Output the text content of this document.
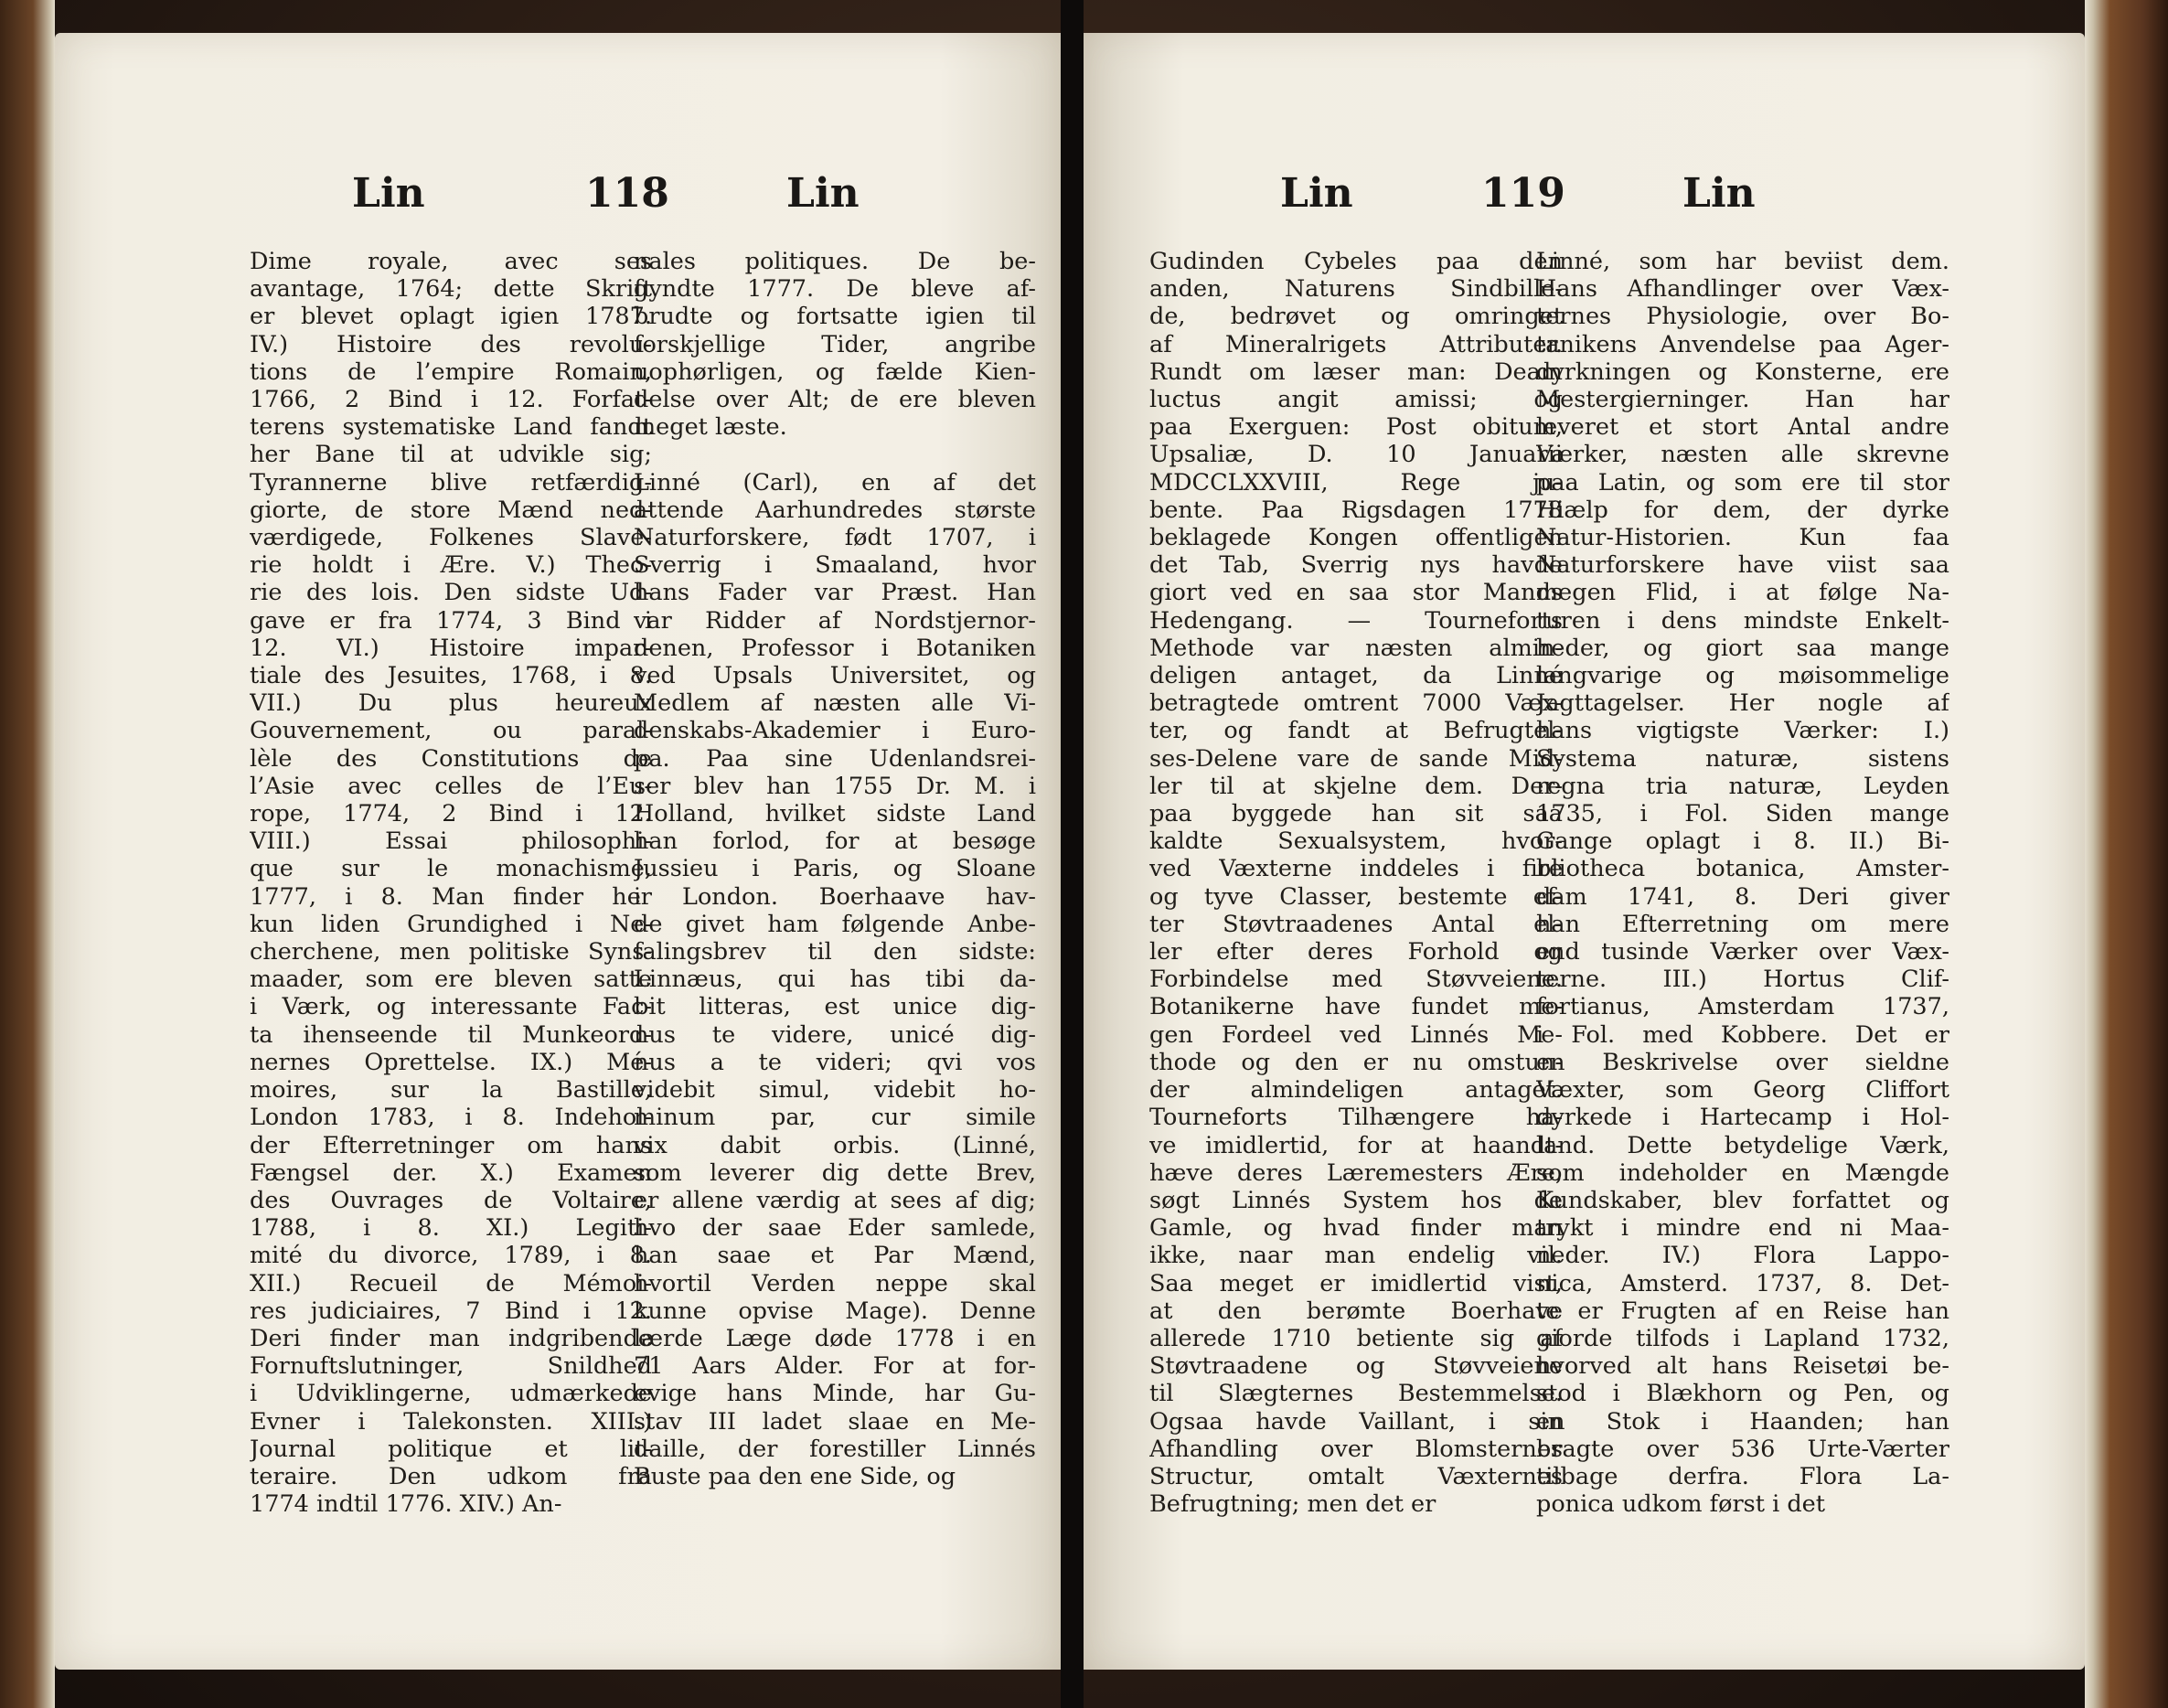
Lin	118	Lin
Dime royale, avec ses
avantage, 1764; dette Skrift
er blevet oplagt igien 1787.
IV.) Histoire des revolu-
tions de l’empire Romain,
1766, 2 Bind i 12. Forfat-
terens systematiske Land fandt
her Bane til at udvikle sig;
Tyrannerne blive retfærdig-
giorte, de store Mænd ned-
værdigede, Folkenes Slave-
rie holdt i Ære. V.) Theo-
rie des lois. Den sidste Ud-
gave er fra 1774, 3 Bind i
12. VI.) Histoire impar-
tiale des Jesuites, 1768, i 8.
VII.) Du plus heureux
Gouvernement, ou paral-
lèle des Constitutions de
l’Asie avec celles de l’Eu-
rope, 1774, 2 Bind i 12.
VIII.) Essai philosophi-
que sur le monachisme,
1777, i 8. Man finder her
kun liden Grundighed i Ne-
cherchene, men politiske Syns-
maader, som ere bleven satte
i Værk, og interessante Fac-
ta ihenseende til Munkeord-
nernes Oprettelse. IX.) Mé-
moires, sur la Bastille,
London 1783, i 8. Indehol-
der Efterretninger om hans
Fængsel der. X.) Examen
des Ouvrages de Voltaire,
1788, i 8. XI.) Legiti-
mité du divorce, 1789, i 8.
XII.) Recueil de Mémoi-
res judiciaires, 7 Bind i 12.
Deri finder man indgribende
Fornuftslutninger, Snildhed
i Udviklingerne, udmærkede
Evner i Talekonsten. XIII.)
Journal politique et lit-
teraire. Den udkom fra
1774 indtil 1776. XIV.) An-
nales politiques. De be-
gyndte 1777. De bleve af-
brudte og fortsatte igien til
forskjellige Tider, angribe
uophørligen, og fælde Kien-
delse over Alt; de ere bleven
meget læste.

Linné (Carl), en af det
attende Aarhundredes største
Naturforskere, født 1707, i
Sverrig i Smaaland, hvor
hans Fader var Præst. Han
var Ridder af Nordstjernor-
denen, Professor i Botaniken
ved Upsals Universitet, og
Medlem af næsten alle Vi-
denskabs-Akademier i Euro-
pa. Paa sine Udenlandsrei-
ser blev han 1755 Dr. M. i
Holland, hvilket sidste Land
han forlod, for at besøge
Jussieu i Paris, og Sloane
i London. Boerhaave hav-
de givet ham følgende Anbe-
falingsbrev til den sidste:
Linnæus, qui has tibi da-
bit litteras, est unice dig-
nus te videre, unicé dig-
nus a te videri; qvi vos
videbit simul, videbit ho-
minum par, cur simile
vix dabit orbis. (Linné,
som leverer dig dette Brev,
er allene værdig at sees af dig;
hvo der saae Eder samlede,
han saae et Par Mænd,
hvortil Verden neppe skal
kunne opvise Mage). Denne
lærde Læge døde 1778 i en
71 Aars Alder. For at for-
evige hans Minde, har Gu-
stav III ladet slaae en Me-
daille, der forestiller Linnés
Buste paa den ene Side, og
Lin	119	Lin
Gudinden Cybeles paa den
anden, Naturens Sindbille-
de, bedrøvet og omringet
af Mineralrigets Attributer.
Rundt om læser man: Deam
luctus angit amissi; og
paa Exerguen: Post obitum,
Upsaliæ, D. 10 Januarii
MDCCLXXVIII, Rege ju-
bente. Paa Rigsdagen 1778
beklagede Kongen offentligen
det Tab, Sverrig nys havde
giort ved en saa stor Mands
Hedengang. — Tourneforts
Methode var næsten almin-
deligen antaget, da Linné
betragtede omtrent 7000 Væx-
ter, og fandt at Befrugtel-
ses-Delene vare de sande Mid-
ler til at skjelne dem. Der-
paa byggede han sit saa
kaldte Sexualsystem, hvor-
ved Væxterne inddeles i fire
og tyve Classer, bestemte ef-
ter Støvtraadenes Antal el-
ler efter deres Forhold og
Forbindelse med Støvveiene.
Botanikerne have fundet me-
gen Fordeel ved Linnés Me-
thode og den er nu omstun-
der almindeligen antaget.
Tourneforts Tilhængere ha-
ve imidlertid, for at haandt-
hæve deres Læremesters Ære,
søgt Linnés System hos de
Gamle, og hvad finder man
ikke, naar man endelig vil.
Saa meget er imidlertid vist,
at den berømte Boerhave
allerede 1710 betiente sig af
Støvtraadene og Støvveiene
til Slægternes Bestemmelse.
Ogsaa havde Vaillant, i sin
Afhandling over Blomsternes
Structur, omtalt Væxternes
Befrugtning; men det er
Linné, som har beviist dem.
Hans Afhandlinger over Væx-
ternes Physiologie, over Bo-
tanikens Anvendelse paa Ager-
dyrkningen og Konsterne, ere
Mestergierninger. Han har
leveret et stort Antal andre
Værker, næsten alle skrevne
paa Latin, og som ere til stor
Hiælp for dem, der dyrke
Natur-Historien. Kun faa
Naturforskere have viist saa
megen Flid, i at følge Na-
turen i dens mindste Enkelt-
heder, og giort saa mange
langvarige og møisommelige
Jagttagelser. Her nogle af
hans vigtigste Værker: I.)
Systema naturæ, sistens
regna tria naturæ, Leyden
1735, i Fol. Siden mange
Gange oplagt i 8. II.) Bi-
bliotheca botanica, Amster-
dam 1741, 8. Deri giver
han Efterretning om mere
end tusinde Værker over Væx-
terne. III.) Hortus Clif-
fortianus, Amsterdam 1737,
i Fol. med Kobbere. Det er
en Beskrivelse over sieldne
Væxter, som Georg Cliffort
dyrkede i Hartecamp i Hol-
land. Dette betydelige Værk,
som indeholder en Mængde
Kundskaber, blev forfattet og
trykt i mindre end ni Maa-
neder. IV.) Flora Lappo-
nica, Amsterd. 1737, 8. Det-
te er Frugten af en Reise han
giorde tilfods i Lapland 1732,
hvorved alt hans Reisetøi be-
stod i Blækhorn og Pen, og
en Stok i Haanden; han
bragte over 536 Urte-Værter
tilbage derfra. Flora La-
ponica udkom først i det
